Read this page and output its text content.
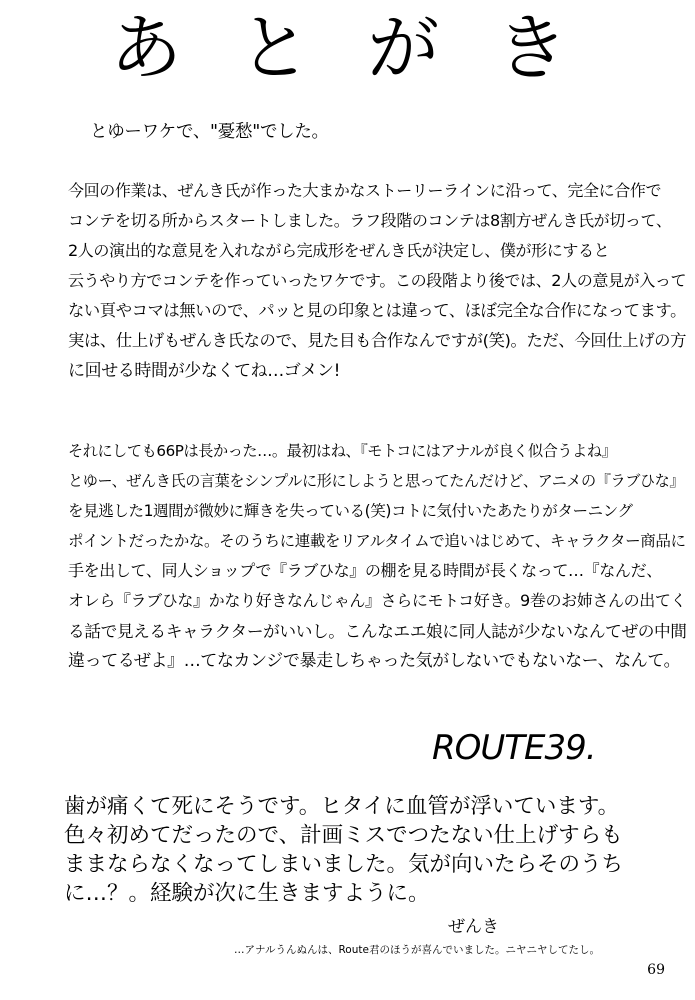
あ と が き
とゆーワケで、"憂愁"でした。
今回の作業は、ぜんき氏が作った大まかなストーリーラインに沿って、完全に合作で
コンテを切る所からスタートしました。ラフ段階のコンテは8割方ぜんき氏が切って、
2人の演出的な意見を入れながら完成形をぜんき氏が決定し、僕が形にすると
云うやり方でコンテを作っていったワケです。この段階より後では、2人の意見が入って
ない頁やコマは無いので、パッと見の印象とは違って、ほぼ完全な合作になってます。
実は、仕上げもぜんき氏なので、見た目も合作なんですが(笑)。ただ、今回仕上げの方
に回せる時間が少なくてね…ゴメン!
それにしても66Pは長かった…。最初はね、『モトコにはアナルが良く似合うよね』
とゆー、ぜんき氏の言葉をシンプルに形にしようと思ってたんだけど、アニメの『ラブひな』
を見逃した1週間が微妙に輝きを失っている(笑)コトに気付いたあたりがターニング
ポイントだったかな。そのうちに連載をリアルタイムで追いはじめて、キャラクター商品に
手を出して、同人ショップで『ラブひな』の棚を見る時間が長くなって…『なんだ、
オレら『ラブひな』かなり好きなんじゃん』さらにモトコ好き。9巻のお姉さんの出てく
る話で見えるキャラクターがいいし。こんなエエ娘に同人誌が少ないなんてぜの中間
違ってるぜよ』…てなカンジで暴走しちゃった気がしないでもないなー、なんて。
ROUTE39.
歯が痛くて死にそうです。ヒタイに血管が浮いています。
色々初めてだったので、計画ミスでつたない仕上げすらも
ままならなくなってしまいました。気が向いたらそのうち
に…？。経験が次に生きますように。
ぜんき
…アナルうんぬんは、Route君のほうが喜んでいました。ニヤニヤしてたし。
69
